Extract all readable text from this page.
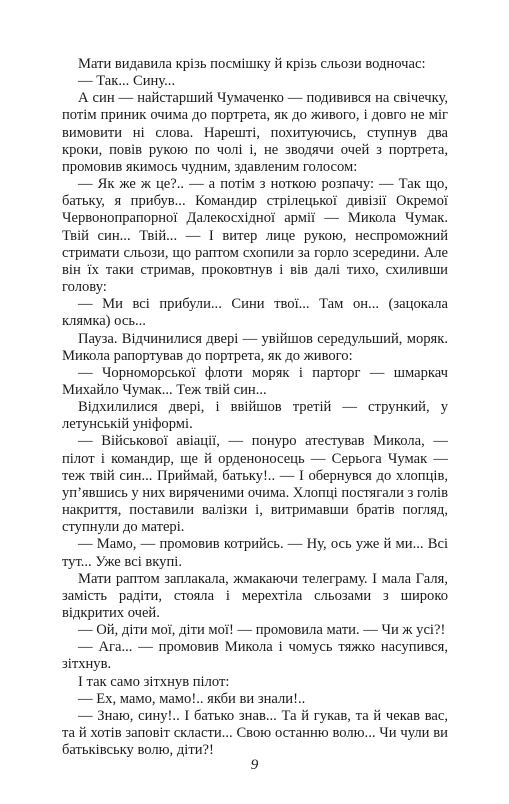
Мати видавила крізь посмішку й крізь сльози водночас:

— Так... Сину...

А син — найстарший Чумаченко — подивився на свічечку, потім приник очима до портрета, як до живого, і довго не міг вимовити ні слова. Нарешті, похитуючись, ступнув два кроки, повів рукою по чолі і, не зводячи очей з портрета, промовив якимось чудним, здавленим голосом:

— Як же ж це?.. — а потім з ноткою розпачу: — Так що, батьку, я прибув... Командир стрілецької дивізії Окремої Червонопрапорної Далекосхідної армії — Микола Чумак. Твій син... Твій... — І витер лице рукою, неспроможний стримати сльози, що раптом схопили за горло зсередини. Але він їх таки стримав, проковтнув і вів далі тихо, схиливши голову:

— Ми всі прибули... Сини твої... Там он... (зацокала клямка) ось...

Пауза. Відчинилися двері — увійшов середульший, моряк. Микола рапортував до портрета, як до живого:

— Чорноморської флоти моряк і парторг — шмаркач Михайло Чумак... Теж твій син...

Відхилилися двері, і ввійшов третій — стрункий, у летунській уніформі.

— Військової авіації, — понуро атестував Микола, — пілот і командир, ще й орденоносець — Серьога Чумак — теж твій син... Приймай, батьку!.. — І обернувся до хлопців, уп’явшись у них виряченими очима. Хлопці постягали з голів накриття, поставили валізки і, витримавши братів погляд, ступнули до матері.

— Мамо, — промовив котрийсь. — Ну, ось уже й ми... Всі тут... Уже всі вкупі.

Мати раптом заплакала, жмакаючи телеграму. І мала Галя, замість радіти, стояла і мерехтіла сльозами з широко відкритих очей.

— Ой, діти мої, діти мої! — промовила мати. — Чи ж усі?!

— Ага... — промовив Микола і чомусь тяжко насупився, зітхнув.

І так само зітхнув пілот:

— Ех, мамо, мамо!.. якби ви знали!..

— Знаю, сину!.. І батько знав... Та й гукав, та й чекав вас, та й хотів заповіт скласти... Свою останню волю... Чи чули ви батьківську волю, діти?!

9
